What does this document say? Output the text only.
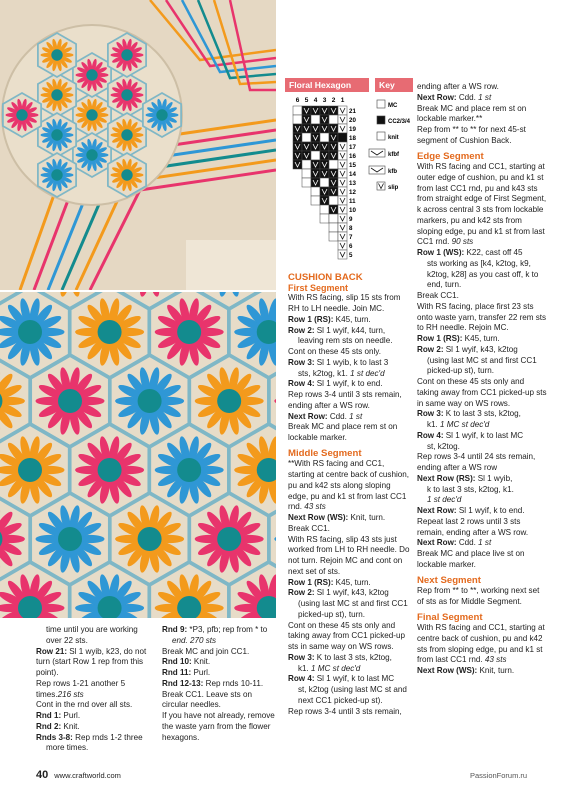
Floral Hexagon	Key
6 5 4 3 2 1
21
20
19
18
17
16
15
14
13
12
11
10
9
8
7
6
5
MC
CC2/3/4
knit
kfbf
kfb
slip

time until you are working over 22 sts.

Row 21: Sl 1 wyib, k23, do not turn (start Row 1 rep from this point).

Rep rows 1-21 another 5 times.216 sts

Cont in the rnd over all sts.

Rnd 1: Purl.

Rnd 2: Knit.

Rnds 3-8: Rep rnds 1-2 three

more times.

Rnd 9: *P3, pfb; rep from * to

end. 270 sts

Break MC and join CC1.

Rnd 10: Knit.

Rnd 11: Purl.

Rnd 12-13: Rep rnds 10-11.

Break CC1. Leave sts on circular needles.

If you have not already, remove the waste yarn from the flower hexagons.

CUSHION BACK
First Segment

With RS facing, slip 15 sts from RH to LH needle. Join MC.

Row 1 (RS): K45, turn.

Row 2: Sl 1 wyif, k44, turn,

leaving rem sts on needle.

Cont on these 45 sts only.

Row 3: Sl 1 wyib, k to last 3

sts, k2tog, k1. 1 st dec'd

Row 4: Sl 1 wyif, k to end.

Rep rows 3-4 until 3 sts remain, ending after a WS row.

Next Row: Cdd. 1 st

Break MC and place rem st on lockable marker.

Middle Segment

**With RS facing and CC1, starting at centre back of cushion, pu and k42 sts along sloping edge, pu and k1 st from last CC1 rnd. 43 sts

Next Row (WS): Knit, turn.

Break CC1.

With RS facing, slip 43 sts just worked from LH to RH needle. Do not turn. Rejoin MC and cont on next set of sts.

Row 1 (RS): K45, turn.

Row 2: Sl 1 wyif, k43, k2tog

(using last MC st and first CC1 picked-up st), turn.

Cont on these 45 sts only and taking away from CC1 picked-up sts in same way on WS rows.

Row 3: K to last 3 sts, k2tog,

k1. 1 MC st dec'd

Row 4: Sl 1 wyif, k to last MC

st, k2tog (using last MC st and next CC1 picked-up st).

Rep rows 3-4 until 3 sts remain,

ending after a WS row.

Next Row: Cdd. 1 st

Break MC and place rem st on lockable marker.**

Rep from ** to ** for next 45-st segment of Cushion Back.

Edge Segment

With RS facing and CC1, starting at outer edge of cushion, pu and k1 st from last CC1 rnd, pu and k43 sts from straight edge of First Segment, k across central 3 sts from lockable markers, pu and k42 sts from sloping edge, pu and k1 st from last CC1 rnd. 90 sts

Row 1 (WS): K22, cast off 45

sts working as [k4, k2tog, k9, k2tog, k28] as you cast off, k to end, turn.

Break CC1.

With RS facing, place first 23 sts onto waste yarn, transfer 22 rem sts to RH needle. Rejoin MC.

Row 1 (RS): K45, turn.

Row 2: Sl 1 wyif, k43, k2tog

(using last MC st and first CC1 picked-up st), turn.

Cont on these 45 sts only and taking away from CC1 picked-up sts in same way on WS rows.

Row 3: K to last 3 sts, k2tog,

k1. 1 MC st dec'd

Row 4: Sl 1 wyif, k to last MC

st, k2tog.

Rep rows 3-4 until 24 sts remain, ending after a WS row

Next Row (RS): Sl 1 wyib,

k to last 3 sts, k2tog, k1.

1 st dec'd

Next Row: Sl 1 wyif, k to end.

Repeat last 2 rows until 3 sts remain, ending after a WS row.

Next Row: Cdd. 1 st

Break MC and place live st on lockable marker.

Next Segment

Rep from ** to **, working next set of sts as for Middle Segment.

Final Segment

With RS facing and CC1, starting at centre back of cushion, pu and k42 sts from sloping edge, pu and k1 st from last CC1 rnd. 43 sts

Next Row (WS): Knit, turn.

40 www.craftworld.com	PassionForum.ru
